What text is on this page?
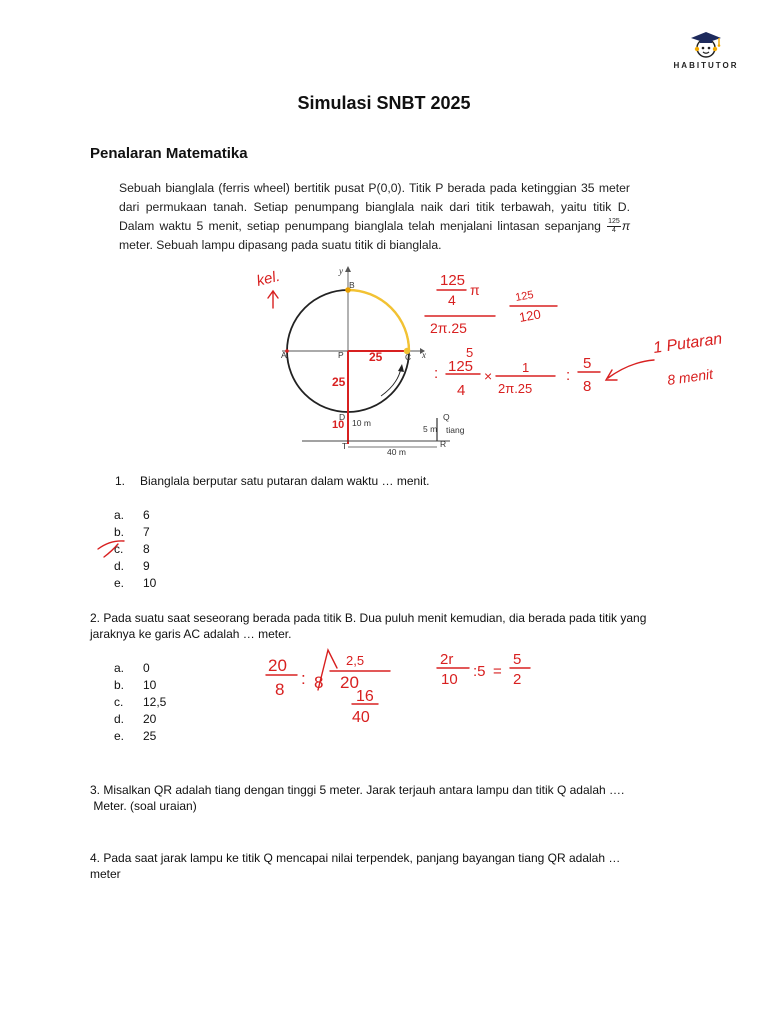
HABITUTOR
Simulasi SNBT 2025
Penalaran Matematika
Sebuah bianglala (ferris wheel) bertitik pusat P(0,0). Titik P berada pada ketinggian 35 meter dari permukaan tanah. Setiap penumpang bianglala naik dari titik terbawah, yaitu titik D. Dalam waktu 5 menit, setiap penumpang bianglala telah menjalani lintasan sepanjang $\frac{125}{4}$ π meter. Sebuah lampu dipasang pada suatu titik di bianglala.
y
x
B
A	P	C
D
T	R
Q
10 m
5 m tiang
40 m
1. Bianglala berputar satu putaran dalam waktu … menit.
a. 6
b. 7
c. 8
d. 9
e. 10
2. Pada suatu saat seseorang berada pada titik B. Dua puluh menit kemudian, dia berada pada titik yang
jaraknya ke garis AC adalah … meter.
a. 0
b. 10
c. 12,5
d. 20
e. 25
3. Misalkan QR adalah tiang dengan tinggi 5 meter. Jarak terjauh antara lampu dan titik Q adalah ….
Meter. (soal uraian)
4. Pada saat jarak lampu ke titik Q mencapai nilai terpendek, panjang bayangan tiang QR adalah …
meter
kel.	125
4
π
2π.25
125
120
25
25
10
5
125
4
:	×
1
2π.25
:
5
8
1 Putaran
8 menit
20
8
: 8
2,5
20
16
40
2r
10 :5 =
5
2
